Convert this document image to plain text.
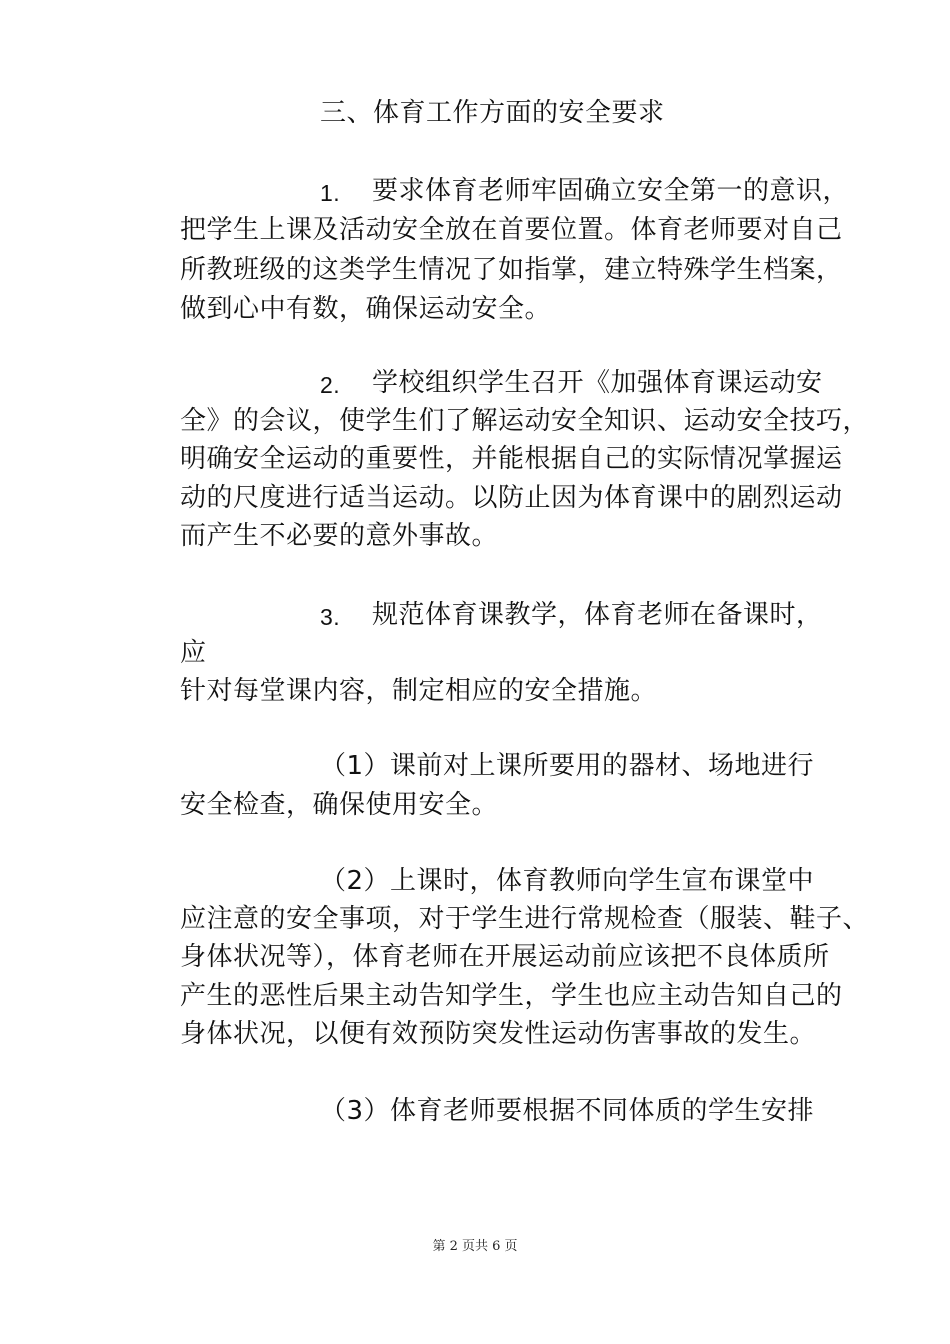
三、体育工作方面的安全要求
1. 要求体育老师牢固确立安全第一的意识，
把学生上课及活动安全放在首要位置。体育老师要对自己
所教班级的这类学生情况了如指掌，建立特殊学生档案，
做到心中有数，确保运动安全。
2. 学校组织学生召开《加强体育课运动安
全》的会议，使学生们了解运动安全知识、运动安全技巧，
明确安全运动的重要性，并能根据自己的实际情况掌握运
动的尺度进行适当运动。以防止因为体育课中的剧烈运动
而产生不必要的意外事故。
3. 规范体育课教学，体育老师在备课时，
应
针对每堂课内容，制定相应的安全措施。
（1）课前对上课所要用的器材、场地进行
安全检查，确保使用安全。
（2）上课时，体育教师向学生宣布课堂中
应注意的安全事项，对于学生进行常规检查（服装、鞋子、
身体状况等），体育老师在开展运动前应该把不良体质所
产生的恶性后果主动告知学生，学生也应主动告知自己的
身体状况，以便有效预防突发性运动伤害事故的发生。
（3）体育老师要根据不同体质的学生安排
第 2 页共 6 页
